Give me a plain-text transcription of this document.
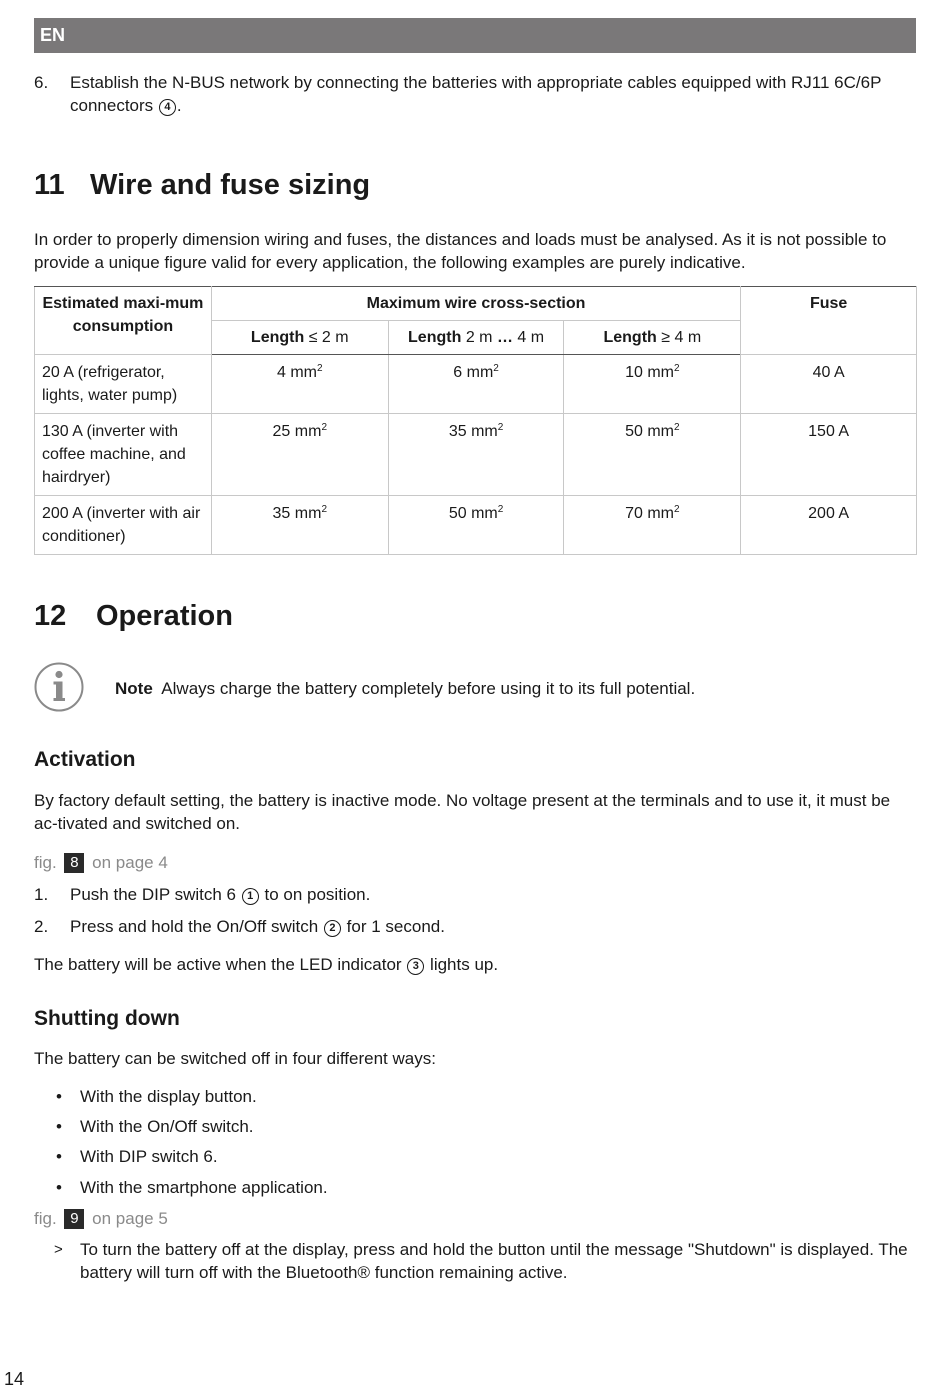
EN
6.	Establish the N-BUS network by connecting the batteries with appropriate cables equipped with RJ11 6C/6P connectors 4 .
11 Wire and fuse sizing
In order to properly dimension wiring and fuses, the distances and loads must be analysed. As it is not possible to provide a unique figure valid for every application, the following examples are purely indicative.
Estimated maxi-mum consumption	Maximum wire cross-section			Fuse
	Length ≤ 2 m	Length 2 m … 4 m	Length ≥ 4 m	
20 A (refrigerator, lights, water pump)	4 $mm^2$	6 $mm^2$	10 $mm^2$	40 A
130 A (inverter with coffee machine, and hairdryer)	25 $mm^2$	35 $mm^2$	50 $mm^2$	150 A
200 A (inverter with air conditioner)	35 $mm^2$	50 $mm^2$	70 $mm^2$	200 A
12 Operation
Note Always charge the battery completely before using it to its full potential.
Activation
By factory default setting, the battery is inactive mode. No voltage present at the terminals and to use it, it must be ac-tivated and switched on.
fig. 8 on page 4
1.	Push the DIP switch 6 1 to on position.
2.	Press and hold the On/Off switch 2 for 1 second.
The battery will be active when the LED indicator 3 lights up.
Shutting down
The battery can be switched off in four different ways:
•	With the display button.
•	With the On/Off switch.
•	With DIP switch 6.
•	With the smartphone application.
fig. 9 on page 5
>	To turn the battery off at the display, press and hold the button until the message "Shutdown" is displayed. The battery will turn off with the Bluetooth® function remaining active.
14
